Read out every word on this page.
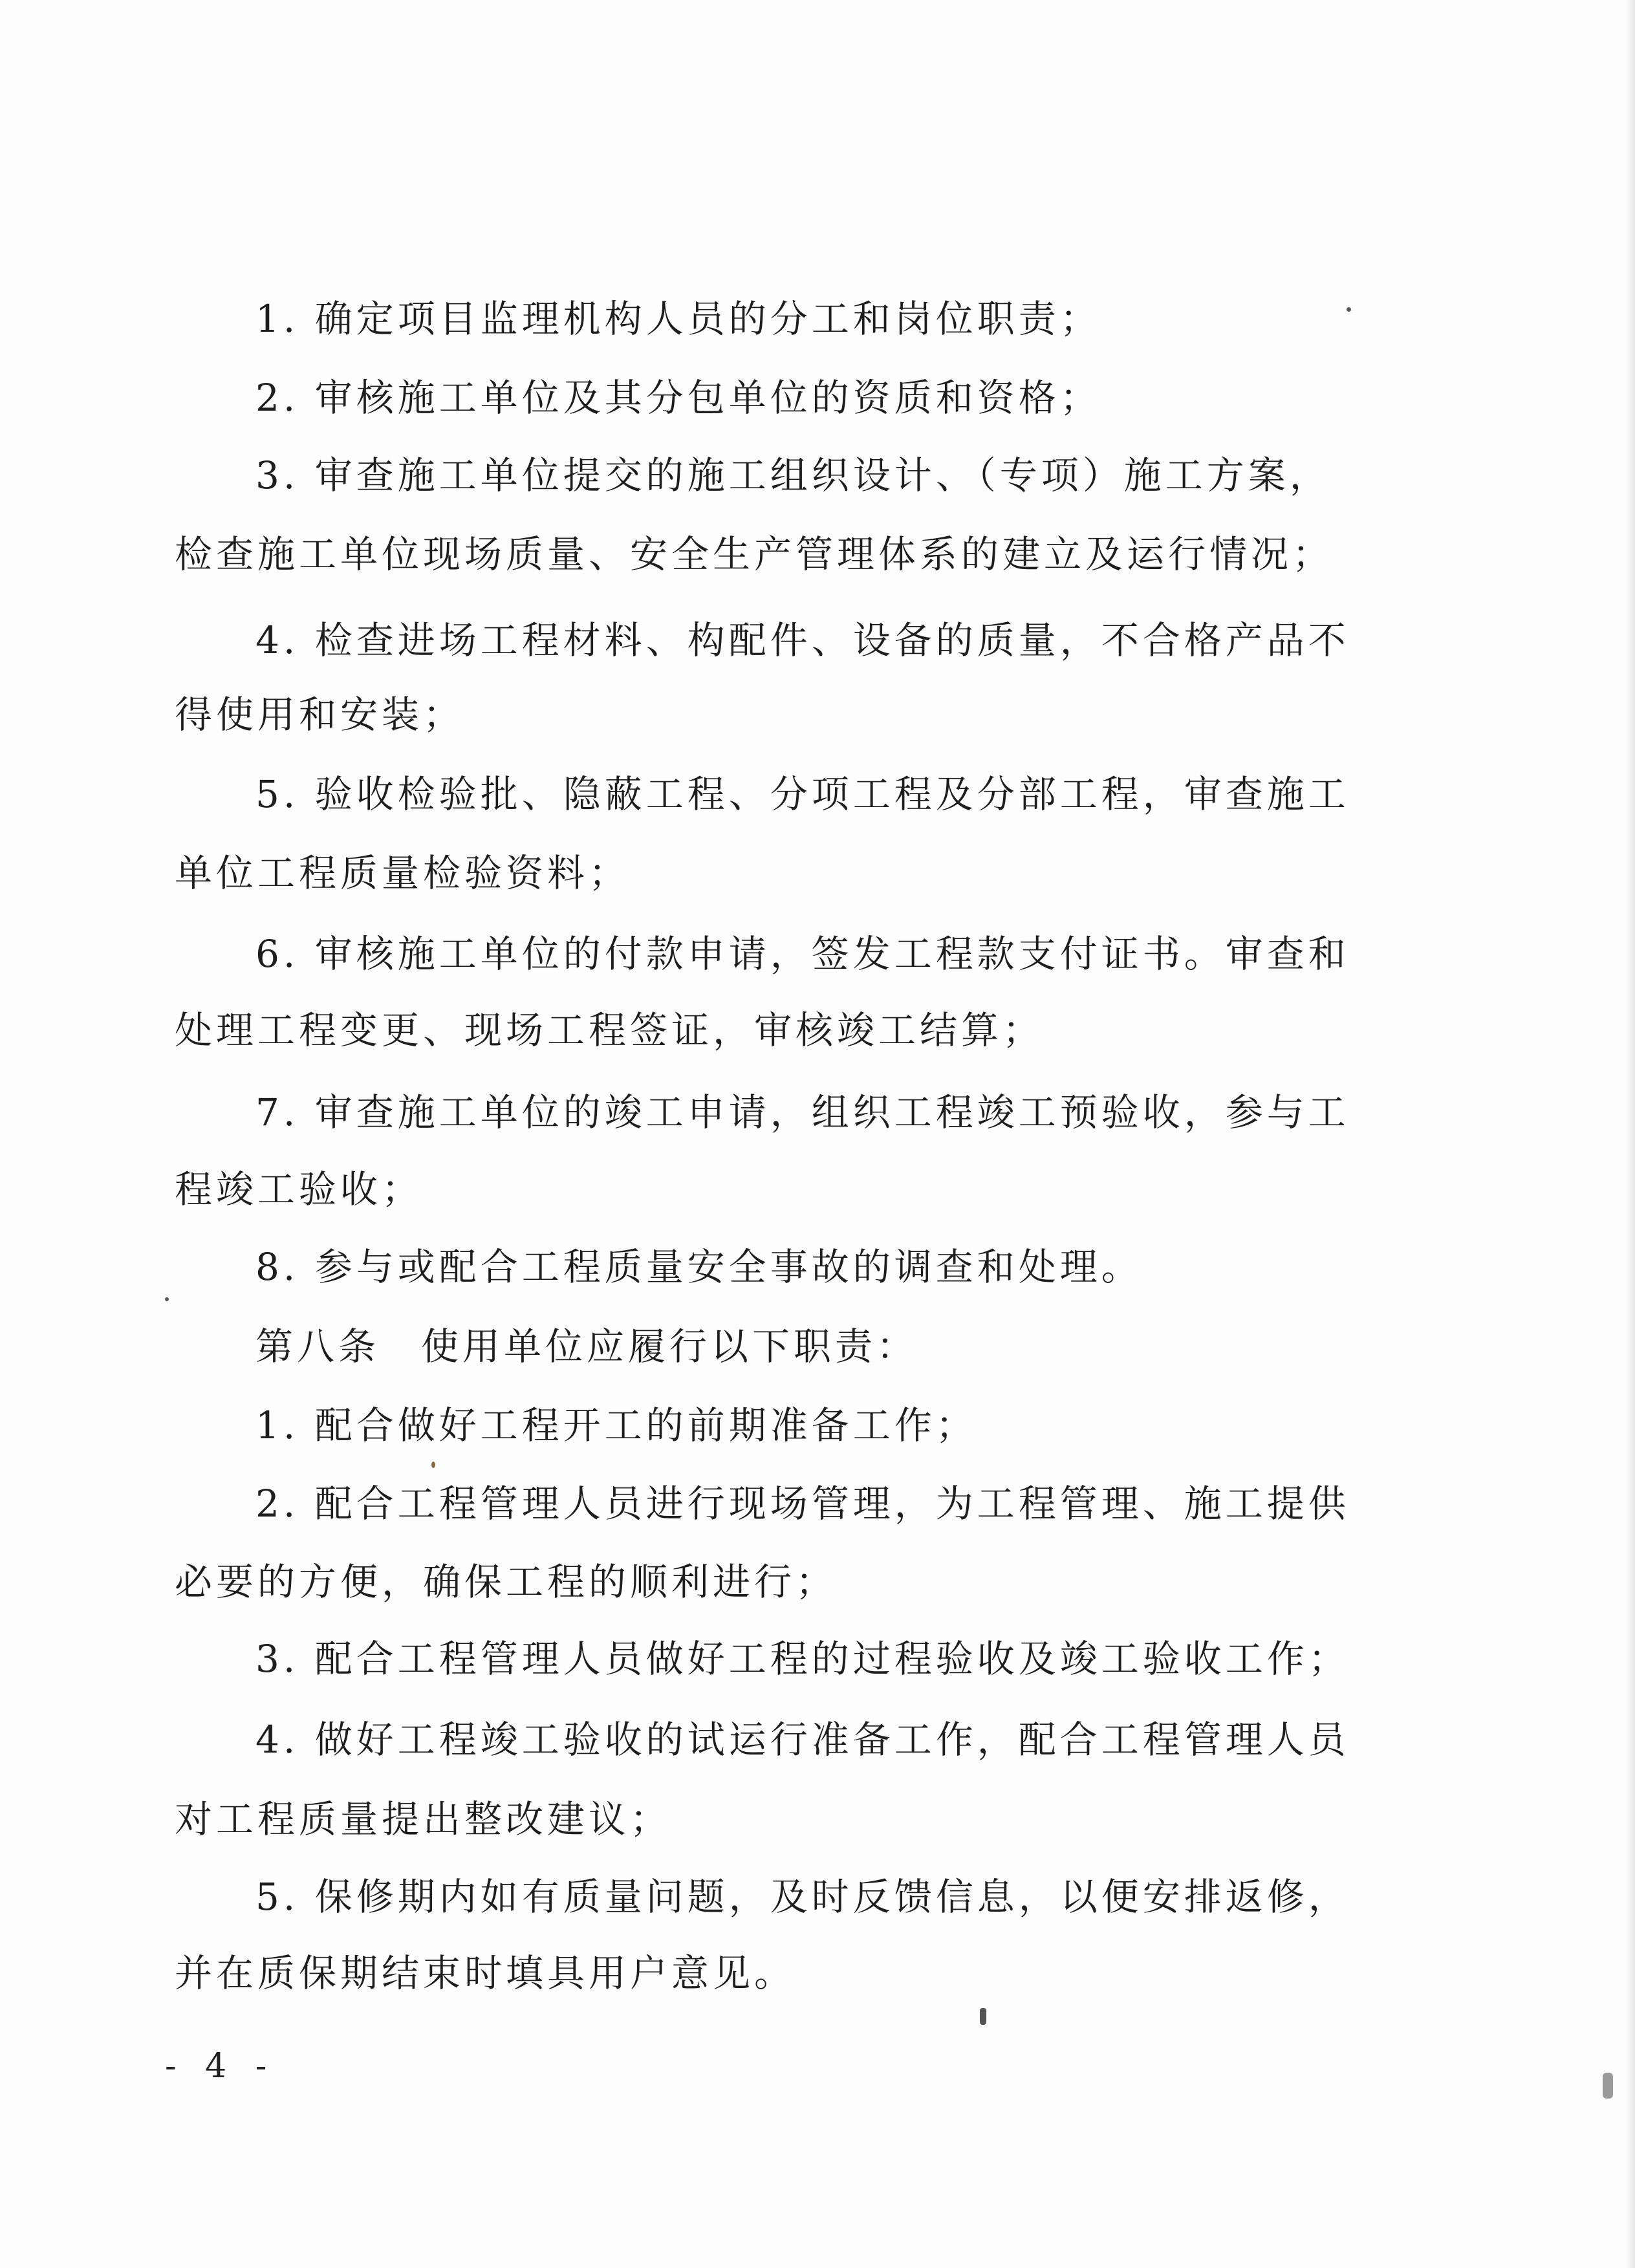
1. 确定项目监理机构人员的分工和岗位职责；
2. 审核施工单位及其分包单位的资质和资格；
3. 审查施工单位提交的施工组织设计、（专项）施工方案，
检查施工单位现场质量、安全生产管理体系的建立及运行情况；
4. 检查进场工程材料、构配件、设备的质量，不合格产品不
得使用和安装；
5. 验收检验批、隐蔽工程、分项工程及分部工程，审查施工
单位工程质量检验资料；
6. 审核施工单位的付款申请，签发工程款支付证书。审查和
处理工程变更、现场工程签证，审核竣工结算；
7. 审查施工单位的竣工申请，组织工程竣工预验收，参与工
程竣工验收；
8. 参与或配合工程质量安全事故的调查和处理。
第八条　使用单位应履行以下职责：
1. 配合做好工程开工的前期准备工作；
2. 配合工程管理人员进行现场管理，为工程管理、施工提供
必要的方便，确保工程的顺利进行；
3. 配合工程管理人员做好工程的过程验收及竣工验收工作；
4. 做好工程竣工验收的试运行准备工作，配合工程管理人员
对工程质量提出整改建议；
5. 保修期内如有质量问题，及时反馈信息，以便安排返修，
并在质保期结束时填具用户意见。
- 4 -
